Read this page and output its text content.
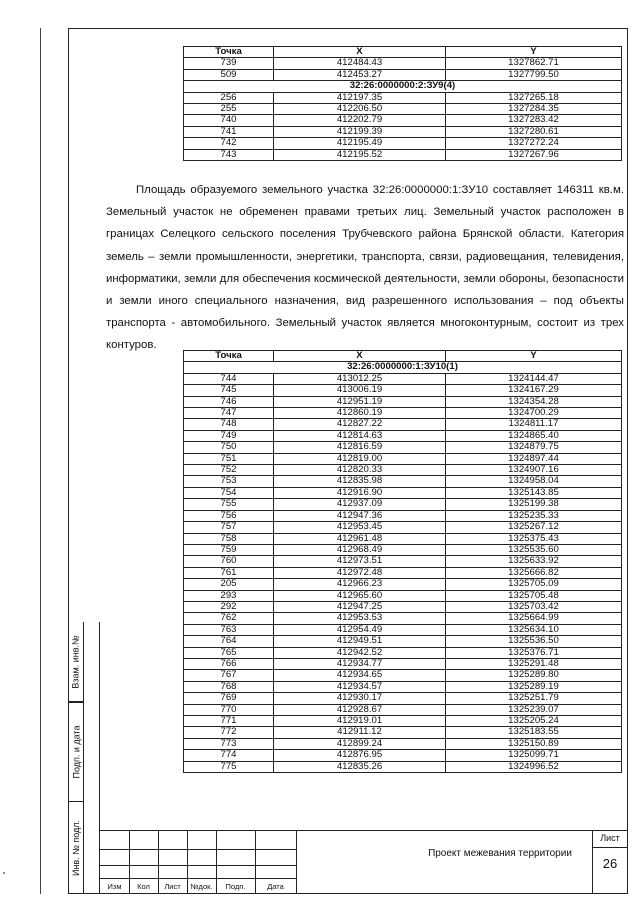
Точка	X	Y
739	412484.43	1327862.71
509	412453.27	1327799.50
32:26:0000000:2:ЗУ9(4)		
256	412197.35	1327265.18
255	412206.50	1327284.35
740	412202.79	1327283.42
741	412199.39	1327280.61
742	412195.49	1327272.24
743	412195.52	1327267.96

Площадь образуемого земельного участка 32:26:0000000:1:ЗУ10 составляет 146311 кв.м. Земельный участок не обременен правами третьих лиц. Земельный участок расположен в границах Селецкого сельского поселения Трубчевского района Брянской области. Категория земель – земли промышленности, энергетики, транспорта, связи, радиовещания, телевидения, информатики, земли для обеспечения космической деятельности, земли обороны, безопасности и земли иного специального назначения, вид разрешенного использования – под объекты транспорта - автомобильного. Земельный участок является многоконтурным, состоит из трех контуров.

Точка	X	Y
32:26:0000000:1:ЗУ10(1)		
744	413012.25	1324144.47
745	413006.19	1324167.29
746	412951.19	1324354.28
747	412860.19	1324700.29
748	412827.22	1324811.17
749	412814.63	1324865.40
750	412816.59	1324879.75
751	412819.00	1324897.44
752	412820.33	1324907.16
753	412835.98	1324958.04
754	412916.90	1325143.85
755	412937.09	1325199.38
756	412947.36	1325235.33
757	412953.45	1325267.12
758	412961.48	1325375.43
759	412968.49	1325535.60
760	412973.51	1325633.92
761	412972.48	1325666.82
205	412966.23	1325705.09
293	412965.60	1325705.48
292	412947.25	1325703.42
762	412953.53	1325664.99
763	412954.49	1325634.10
764	412949.51	1325536.50
765	412942.52	1325376.71
766	412934.77	1325291.48
767	412934.65	1325289.80
768	412934.57	1325289.19
769	412930.17	1325251.79
770	412928.67	1325239.07
771	412919.01	1325205.24
772	412911.12	1325183.55
773	412899.24	1325150.89
774	412876.95	1325099.71
775	412835.26	1324996.52
Взам. инв.№
Подп. и дата
Инв. № подл.
Изм	Кол	Лист	№док.	Подп.	Дата
Проект межевания территории
Лист
26
